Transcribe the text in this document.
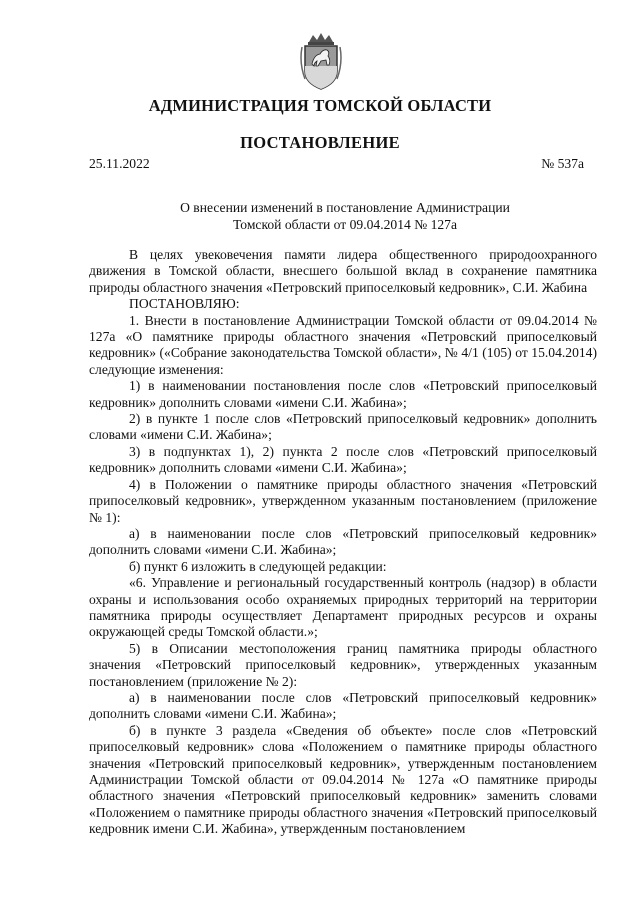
АДМИНИСТРАЦИЯ ТОМСКОЙ ОБЛАСТИ
ПОСТАНОВЛЕНИЕ
25.11.2022	№ 537а
О внесении изменений в постановление Администрации
Томской области от 09.04.2014 № 127а

В целях увековечения памяти лидера общественного природоохранного движения в Томской области, внесшего большой вклад в сохранение памятника природы областного значения «Петровский припоселковый кедровник», С.И. Жабина

ПОСТАНОВЛЯЮ:

1. Внести в постановление Администрации Томской области от 09.04.2014 № 127а «О памятнике природы областного значения «Петровский припоселковый кедровник» («Собрание законодательства Томской области», № 4/1 (105) от 15.04.2014) следующие изменения:

1) в наименовании постановления после слов «Петровский припоселковый кедровник» дополнить словами «имени С.И. Жабина»;

2) в пункте 1 после слов «Петровский припоселковый кедровник» дополнить словами «имени С.И. Жабина»;

3) в подпунктах 1), 2) пункта 2 после слов «Петровский припоселковый кедровник» дополнить словами «имени С.И. Жабина»;

4) в Положении о памятнике природы областного значения «Петровский припоселковый кедровник», утвержденном указанным постановлением (приложение № 1):

а) в наименовании после слов «Петровский припоселковый кедровник» дополнить словами «имени С.И. Жабина»;

б) пункт 6 изложить в следующей редакции:

«6. Управление и региональный государственный контроль (надзор) в области охраны и использования особо охраняемых природных территорий на территории памятника природы осуществляет Департамент природных ресурсов и охраны окружающей среды Томской области.»;

5) в Описании местоположения границ памятника природы областного значения «Петровский припоселковый кедровник», утвержденных указанным постановлением (приложение № 2):

а) в наименовании после слов «Петровский припоселковый кедровник» дополнить словами «имени С.И. Жабина»;

б) в пункте 3 раздела «Сведения об объекте» после слов «Петровский припоселковый кедровник» слова «Положением о памятнике природы областного значения «Петровский припоселковый кедровник», утвержденным постановлением Администрации Томской области от 09.04.2014 № 127а «О памятнике природы областного значения «Петровский припоселковый кедровник» заменить словами «Положением о памятнике природы областного значения «Петровский припоселковый кедровник имени С.И. Жабина», утвержденным постановлением
